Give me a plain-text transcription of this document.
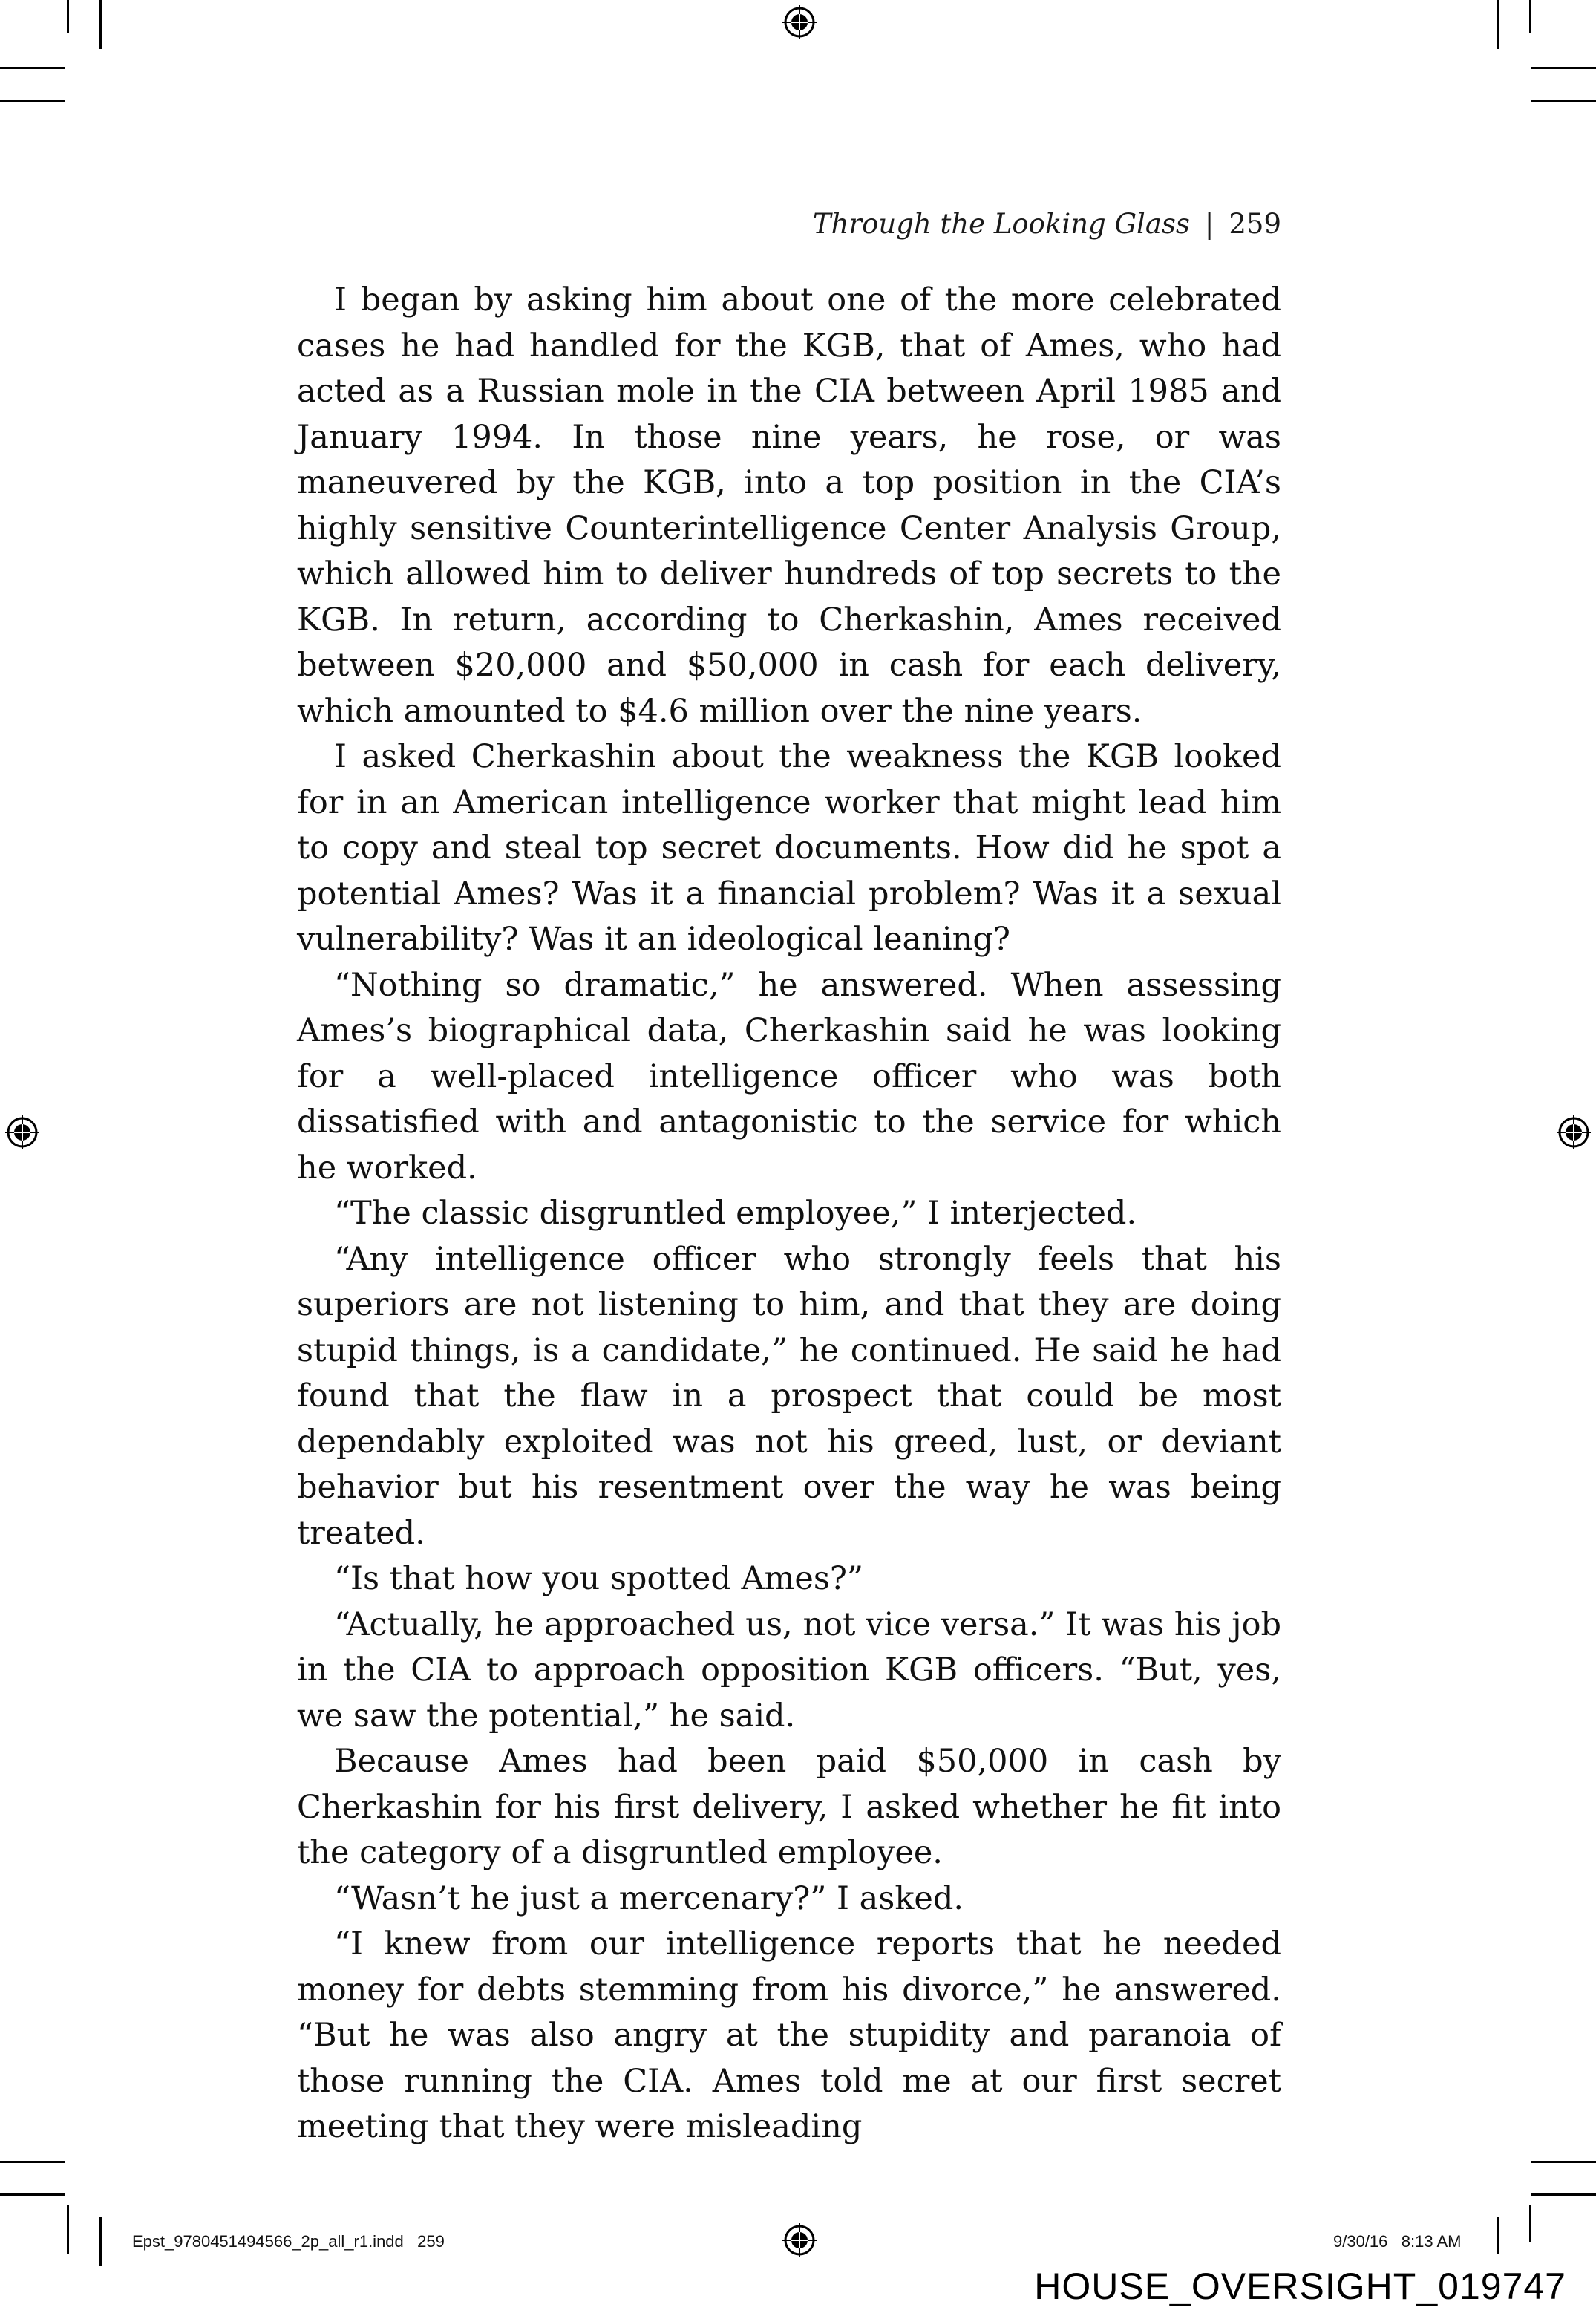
Through the Looking Glass | 259

I began by asking him about one of the more celebrated cases he had handled for the KGB, that of Ames, who had acted as a Russian mole in the CIA between April 1985 and January 1994. In those nine years, he rose, or was maneuvered by the KGB, into a top position in the CIA’s highly sensitive Counterintelligence Center Analysis Group, which allowed him to deliver hundreds of top secrets to the KGB. In return, according to Cherkashin, Ames received between $20,000 and $50,000 in cash for each delivery, which amounted to $4.6 million over the nine years.

I asked Cherkashin about the weakness the KGB looked for in an American intelligence worker that might lead him to copy and steal top secret documents. How did he spot a potential Ames? Was it a financial problem? Was it a sexual vulnerability? Was it an ideological leaning?

“Nothing so dramatic,” he answered. When assessing Ames’s biographical data, Cherkashin said he was looking for a well-placed intelligence officer who was both dissatisfied with and antagonistic to the service for which he worked.

“The classic disgruntled employee,” I interjected.

“Any intelligence officer who strongly feels that his superiors are not listening to him, and that they are doing stupid things, is a candidate,” he continued. He said he had found that the flaw in a prospect that could be most dependably exploited was not his greed, lust, or deviant behavior but his resentment over the way he was being treated.

“Is that how you spotted Ames?”

“Actually, he approached us, not vice versa.” It was his job in the CIA to approach opposition KGB officers. “But, yes, we saw the potential,” he said.

Because Ames had been paid $50,000 in cash by Cherkashin for his first delivery, I asked whether he fit into the category of a disgruntled employee.

“Wasn’t he just a mercenary?” I asked.

“I knew from our intelligence reports that he needed money for debts stemming from his divorce,” he answered. “But he was also angry at the stupidity and paranoia of those running the CIA. Ames told me at our first secret meeting that they were misleading

Epst_9780451494566_2p_all_r1.indd   259	9/30/16   8:13 AM
HOUSE_OVERSIGHT_019747
